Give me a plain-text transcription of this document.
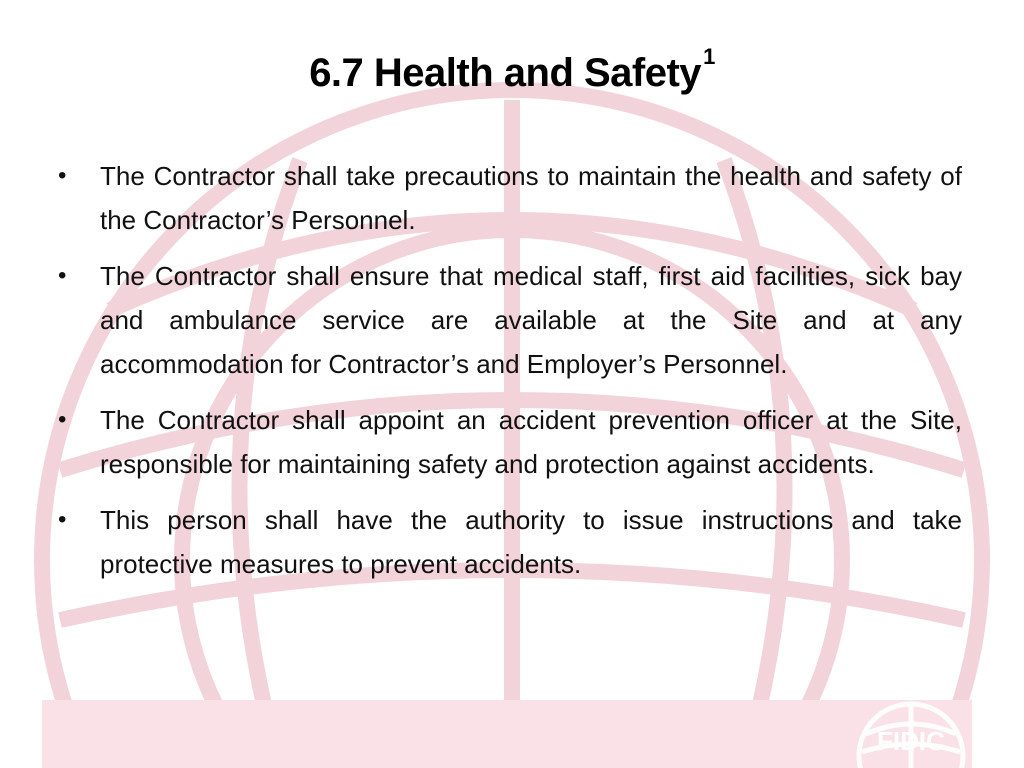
FIDIC
6.7 Health and Safety$^1$
• The Contractor shall take precautions to maintain the health and safety of the Contractor’s Personnel.
• The Contractor shall ensure that medical staff, first aid facilities, sick bay and ambulance service are available at the Site and at any accommodation for Contractor’s and Employer’s Personnel.
• The Contractor shall appoint an accident prevention officer at the Site, responsible for maintaining safety and protection against accidents.
• This person shall have the authority to issue instructions and take protective measures to prevent accidents.
